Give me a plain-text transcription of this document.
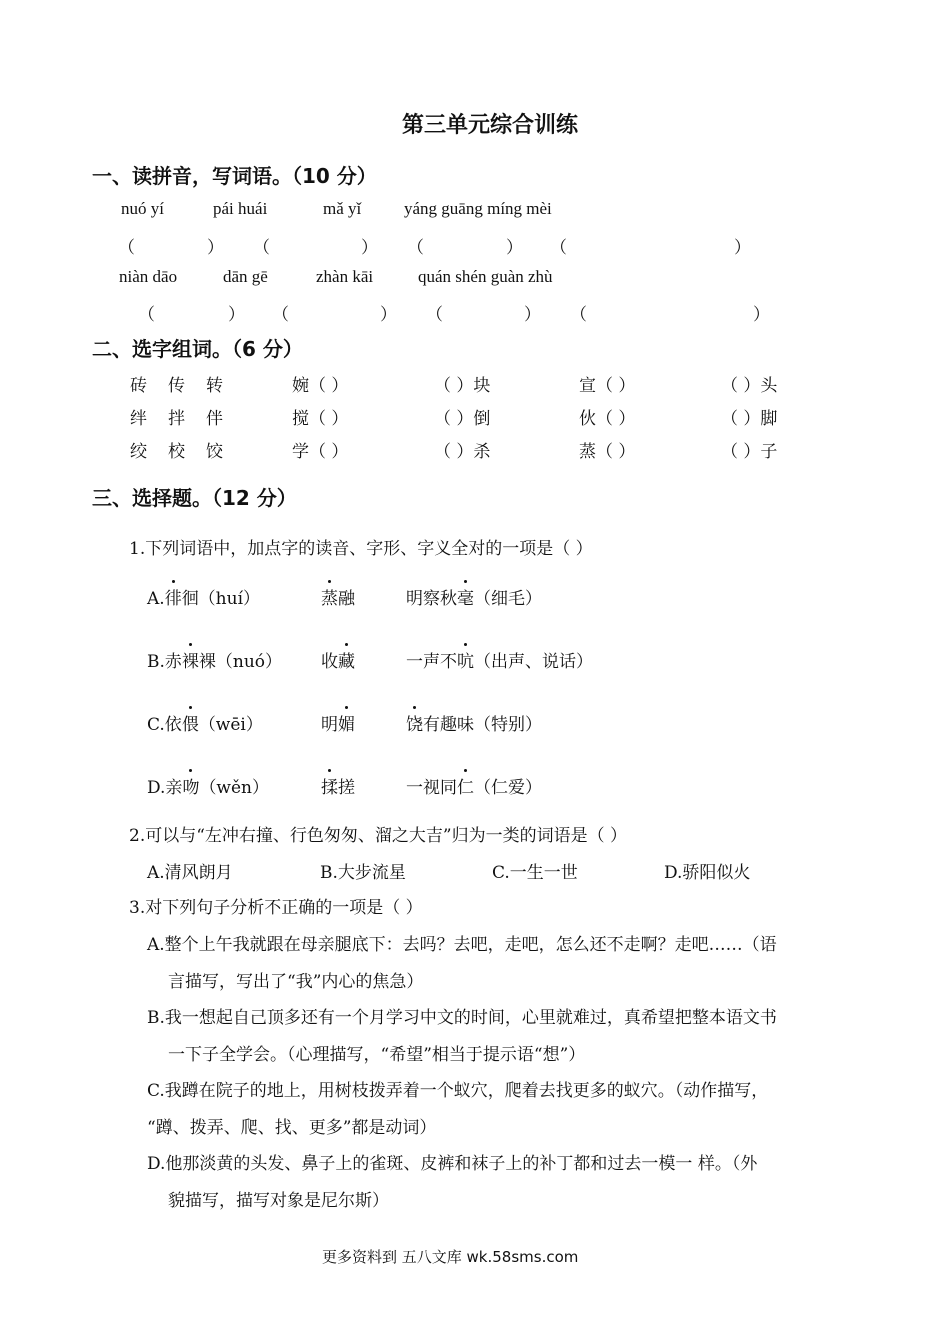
第三单元综合训练
一、读拼音，写词语。（10 分）
nuó yí	pái huái	mǎ yǐ	yáng guāng míng mèi
（	） （	） （	） （	）
niàn dāo	dān gē	zhàn kāi	quán shén guàn zhù
（	） （	） （	） （	）
二、选字组词。（6 分）
砖 传 转	婉（ ）	（ ）块	宣（ ）	（ ）头
绊 拌 伴	搅（ ）	（ ）倒	伙（ ）	（ ）脚
绞 校 饺	学（ ）	（ ）杀	蒸（ ）	（ ）子
三、选择题。（12 分）
1.下列词语中，加点字的读音、字形、字义全对的一项是（ ）
A.徘徊（huí）	蒸融	明察秋毫（细毛）
B.赤裸裸（nuó） 收藏	一声不吭（出声、说话）
C.依偎（wēi）	明媚	饶有趣味（特别）
D.亲吻（wěn）	揉搓	一视同仁（仁爱）
2.可以与“左冲右撞、行色匆匆、溜之大吉”归为一类的词语是（ ）
A.清风朗月	B.大步流星	C.一生一世	D.骄阳似火
3.对下列句子分析不正确的一项是（ ）
A.整个上午我就跟在母亲腿底下：去吗？去吧，走吧，怎么还不走啊？走吧……（语
言描写，写出了“我”内心的焦急）
B.我一想起自己顶多还有一个月学习中文的时间，心里就难过，真希望把整本语文书
一下子全学会。（心理描写，“希望”相当于提示语“想”）
C.我蹲在院子的地上，用树枝拨弄着一个蚁穴，爬着去找更多的蚁穴。（动作描写，
“蹲、拨弄、爬、找、更多”都是动词）
D.他那淡黄的头发、鼻子上的雀斑、皮裤和袜子上的补丁都和过去一模一 样。（外
貌描写，描写对象是尼尔斯）
更多资料到 五八文库 wk.58sms.com
